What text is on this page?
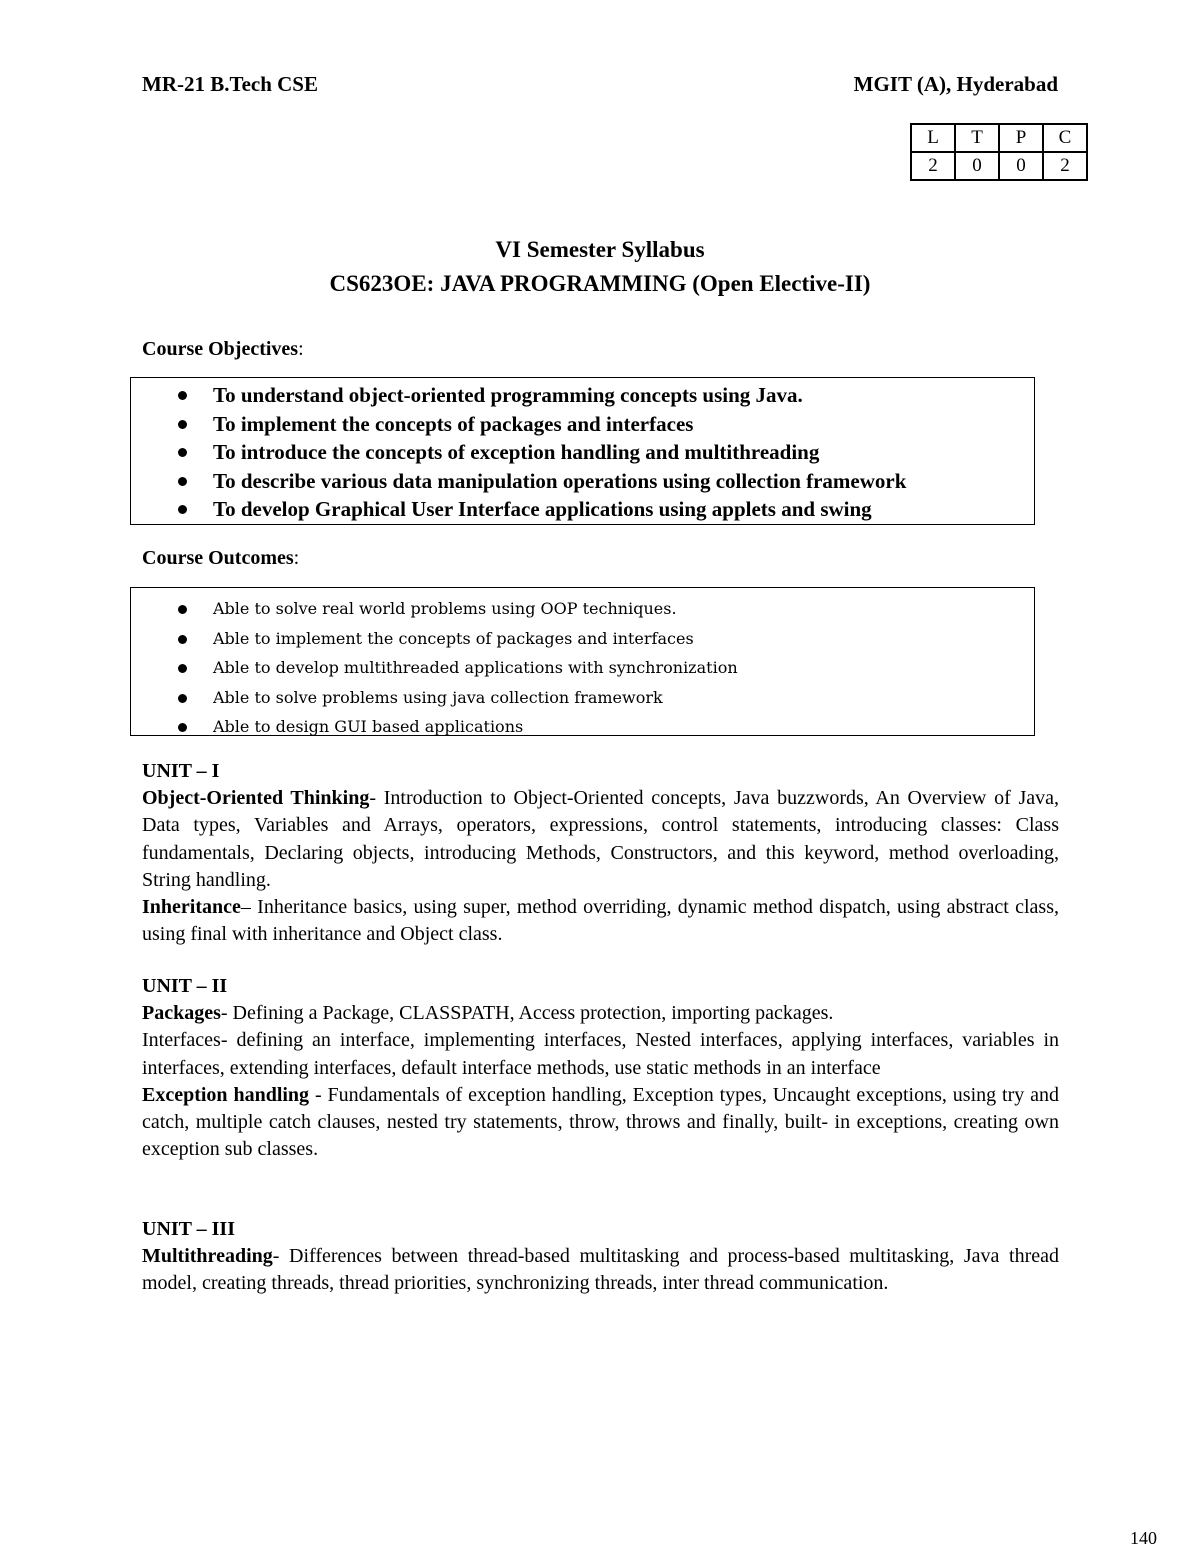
MR-21 B.Tech CSE	MGIT (A), Hyderabad
L	T	P	C
2	0	0	2
VI Semester Syllabus
CS623OE: JAVA PROGRAMMING (Open Elective-II)
Course Objectives:
To understand object-oriented programming concepts using Java.
To implement the concepts of packages and interfaces
To introduce the concepts of exception handling and multithreading
To describe various data manipulation operations using collection framework
To develop Graphical User Interface applications using applets and swing
Course Outcomes:
Able to solve real world problems using OOP techniques.
Able to implement the concepts of packages and interfaces
Able to develop multithreaded applications with synchronization
Able to solve problems using java collection framework
Able to design GUI based applications
UNIT – I

Object-Oriented Thinking- Introduction to Object-Oriented concepts, Java buzzwords, An Overview of Java, Data types, Variables and Arrays, operators, expressions, control statements, introducing classes: Class fundamentals, Declaring objects, introducing Methods, Constructors, and this keyword, method overloading, String handling.

Inheritance– Inheritance basics, using super, method overriding, dynamic method dispatch, using abstract class, using final with inheritance and Object class.

UNIT – II

Packages- Defining a Package, CLASSPATH, Access protection, importing packages.

Interfaces- defining an interface, implementing interfaces, Nested interfaces, applying interfaces, variables in interfaces, extending interfaces, default interface methods, use static methods in an interface

Exception handling - Fundamentals of exception handling, Exception types, Uncaught exceptions, using try and catch, multiple catch clauses, nested try statements, throw, throws and finally, built- in exceptions, creating own exception sub classes.

UNIT – III

Multithreading- Differences between thread-based multitasking and process-based multitasking, Java thread model, creating threads, thread priorities, synchronizing threads, inter thread communication.

140
